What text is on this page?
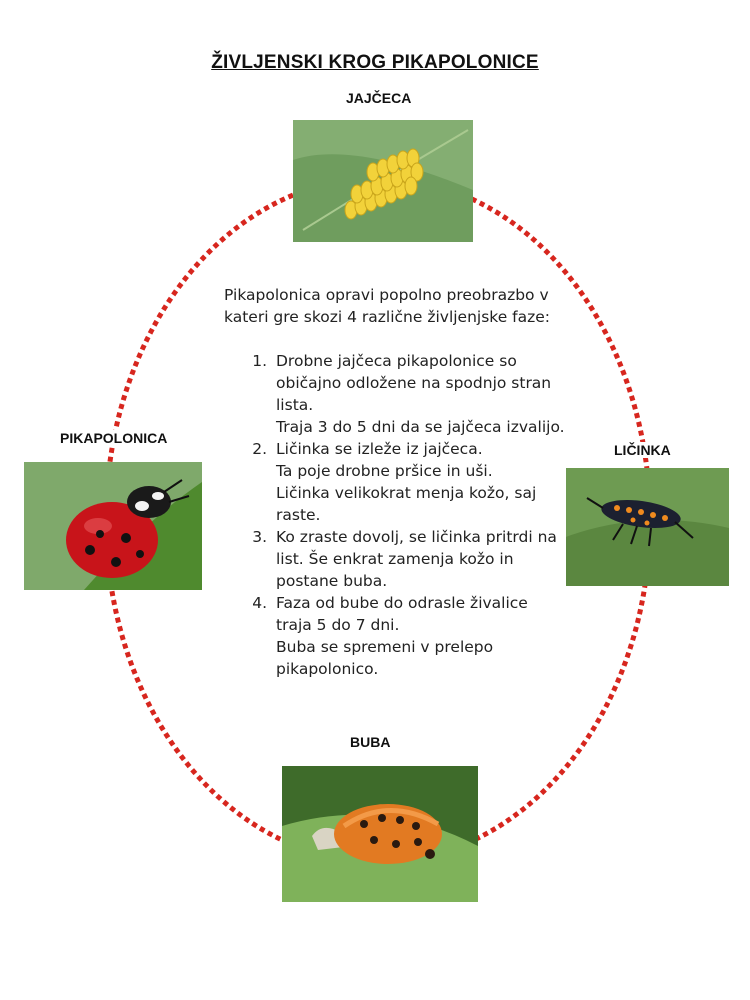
ŽIVLJENSKI KROG PIKAPOLONICE
JAJČECA
PIKAPOLONICA
LIČINKA
BUBA

Pikapolonica opravi popolno preobrazbo v kateri gre skozi 4 različne življenjske faze:

1. Drobne jajčeca pikapolonice so običajno odložene na spodnjo stran lista.
Traja 3 do 5 dni da se jajčeca izvalijo.
2. Ličinka se izleže iz jajčeca.
Ta poje drobne pršice in uši.
Ličinka velikokrat menja kožo, saj raste.
3. Ko zraste dovolj, se ličinka pritrdi na list. Še enkrat zamenja kožo in postane buba.
4. Faza od bube do odrasle živalice traja 5 do 7 dni.
Buba se spremeni v prelepo pikapolonico.
